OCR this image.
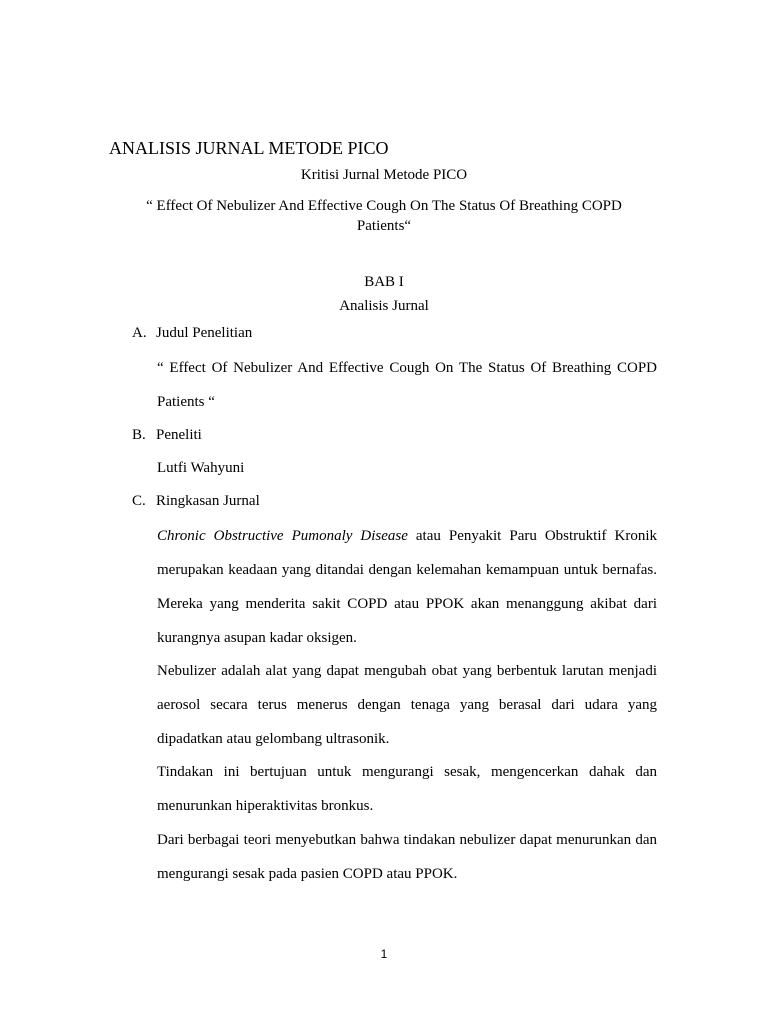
ANALISIS JURNAL METODE PICO
Kritisi Jurnal Metode PICO
“ Effect Of Nebulizer And Effective Cough On The Status Of Breathing COPD Patients“
BAB I
Analisis Jurnal
A. Judul Penelitian
“ Effect Of Nebulizer And Effective Cough On The Status Of Breathing COPD Patients “
B. Peneliti
Lutfi Wahyuni
C. Ringkasan Jurnal
Chronic Obstructive Pumonaly Disease atau Penyakit Paru Obstruktif Kronik merupakan keadaan yang ditandai dengan kelemahan kemampuan untuk bernafas. Mereka yang menderita sakit COPD atau PPOK akan menanggung akibat dari kurangnya asupan kadar oksigen.
Nebulizer adalah alat yang dapat mengubah obat yang berbentuk larutan menjadi aerosol secara terus menerus dengan tenaga yang berasal dari udara yang dipadatkan atau gelombang ultrasonik.
Tindakan ini bertujuan untuk mengurangi sesak, mengencerkan dahak dan menurunkan hiperaktivitas bronkus.
Dari berbagai teori menyebutkan bahwa tindakan nebulizer dapat menurunkan dan mengurangi sesak pada pasien COPD atau PPOK.
1
